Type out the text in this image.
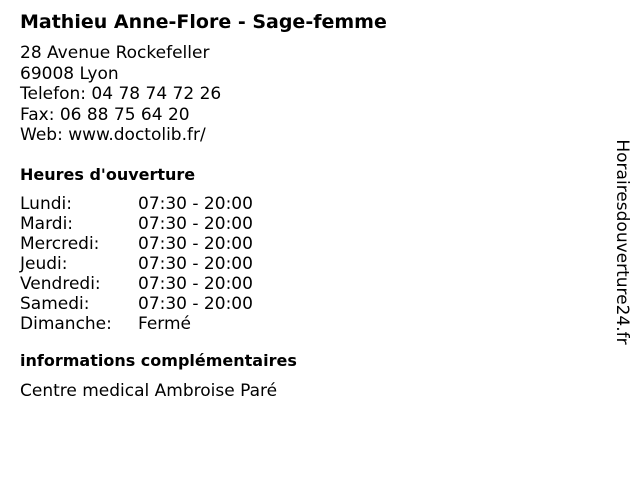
Mathieu Anne-Flore - Sage-femme
28 Avenue Rockefeller
69008 Lyon
Telefon: 04 78 74 72 26
Fax: 06 88 75 64 20
Web: www.doctolib.fr/
Heures d'ouverture
Lundi:	07:30 - 20:00
Mardi:	07:30 - 20:00
Mercredi:	07:30 - 20:00
Jeudi:	07:30 - 20:00
Vendredi:	07:30 - 20:00
Samedi:	07:30 - 20:00
Dimanche:	Fermé
informations complémentaires
Centre medical Ambroise Paré
Horairesdouverture24.fr
